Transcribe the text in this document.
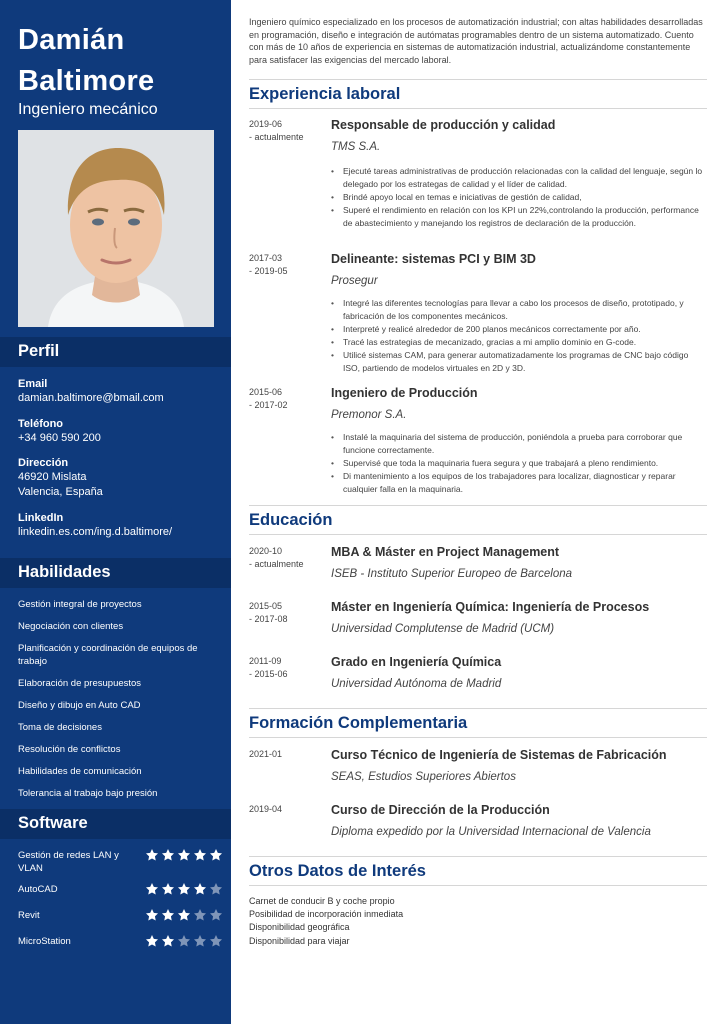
Damián
Baltimore
Ingeniero mecánico
Perfil
Email
damian.baltimore@bmail.com
Teléfono
+34 960 590 200
Dirección
46920 Mislata
Valencia, España
LinkedIn
linkedin.es.com/ing.d.baltimore/
Habilidades
Gestión integral de proyectos
Negociación con clientes
Planificación y coordinación de equipos de trabajo
Elaboración de presupuestos
Diseño y dibujo en Auto CAD
Toma de decisiones
Resolución de conflictos
Habilidades de comunicación
Tolerancia al trabajo bajo presión
Software
Gestión de redes LAN y VLAN
AutoCAD
Revit
MicroStation
Ingeniero químico especializado en los procesos de automatización industrial; con altas habilidades desarrolladas en programación, diseño e integración de autómatas programables dentro de un sistema automatizado. Cuento con más de 10 años de experiencia en sistemas de automatización industrial, actualizándome constantemente para satisfacer las exigencias del mercado laboral.
Experiencia laboral
2019-06
- actualmente
Responsable de producción y calidad
TMS S.A.
• Ejecuté tareas administrativas de producción relacionadas con la calidad del lenguaje, según lo delegado por los estrategas de calidad y el líder de calidad.
• Brindé apoyo local en temas e iniciativas de gestión de calidad,
• Superé el rendimiento en relación con los KPI un 22%,controlando la producción, performance de abastecimiento y manejando los registros de declaración de la producción.
2017-03
- 2019-05
Delineante: sistemas PCI y BIM 3D
Prosegur
• Integré las diferentes tecnologías para llevar a cabo los procesos de diseño, prototipado, y fabricación de los componentes mecánicos.
• Interpreté y realicé alrededor de 200 planos mecánicos correctamente por año.
• Tracé las estrategias de mecanizado, gracias a mi amplio dominio en G-code.
• Utilicé sistemas CAM, para generar automatizadamente los programas de CNC bajo código ISO, partiendo de modelos virtuales en 2D y 3D.
2015-06
- 2017-02
Ingeniero de Producción
Premonor S.A.
• Instalé la maquinaria del sistema de producción, poniéndola a prueba para corroborar que funcione correctamente.
• Supervisé que toda la maquinaria fuera segura y que trabajará a pleno rendimiento.
• Di mantenimiento a los equipos de los trabajadores para localizar, diagnosticar y reparar cualquier falla en la maquinaria.
Educación
2020-10
- actualmente
MBA & Máster en Project Management
ISEB - Instituto Superior Europeo de Barcelona
2015-05
- 2017-08
Máster en Ingeniería Química: Ingeniería de Procesos
Universidad Complutense de Madrid (UCM)
2011-09
- 2015-06
Grado en Ingeniería Química
Universidad Autónoma de Madrid
Formación Complementaria
2021-01	Curso Técnico de Ingeniería de Sistemas de Fabricación
SEAS, Estudios Superiores Abiertos
2019-04	Curso de Dirección de la Producción
Diploma expedido por la Universidad Internacional de Valencia
Otros Datos de Interés
Carnet de conducir B y coche propio
Posibilidad de incorporación inmediata
Disponibilidad geográfica
Disponibilidad para viajar
